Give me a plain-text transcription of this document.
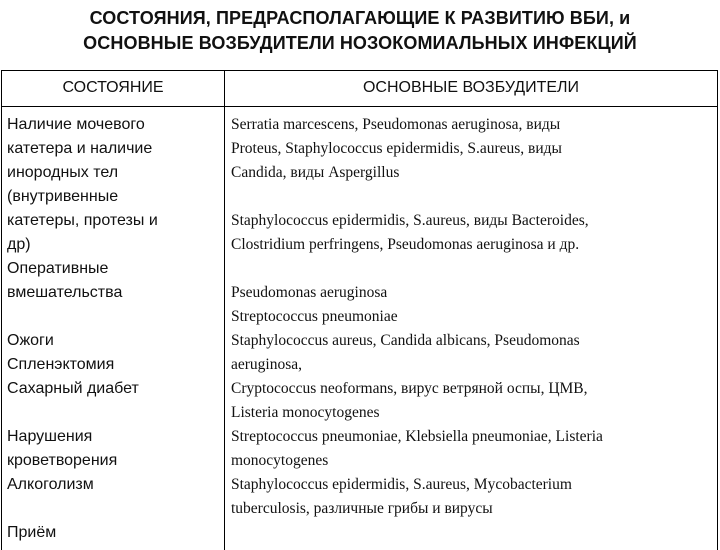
СОСТОЯНИЯ, ПРЕДРАСПОЛАГАЮЩИЕ К РАЗВИТИЮ ВБИ, и
ОСНОВНЫЕ ВОЗБУДИТЕЛИ НОЗОКОМИАЛЬНЫХ ИНФЕКЦИЙ
СОСТОЯНИЕ	ОСНОВНЫЕ ВОЗБУДИТЕЛИ
Наличие мочевого
катетера и наличие
инородных тел
(внутривенные
катетеры, протезы и
др)
Оперативные
вмешательства
Ожоги
Спленэктомия
Сахарный диабет
Нарушения
кроветворения
Алкоголизм
Приём
Serratia marcescens, Pseudomonas aeruginosa, виды
Proteus, Staphylococcus epidermidis, S.aureus, виды
Candida, виды Aspergillus
Staphylococcus epidermidis, S.aureus, виды Bacteroides,
Clostridium perfringens, Pseudomonas aeruginosa и др.
Pseudomonas aeruginosa
Streptococcus pneumoniae
Staphylococcus aureus, Candida albicans, Pseudomonas
aeruginosa,
Cryptococcus neoformans, вирус ветряной оспы, ЦМВ,
Listeria monocytogenes
Streptococcus pneumoniae, Klebsiella pneumoniae, Listeria
monocytogenes
Staphylococcus epidermidis, S.aureus, Mycobacterium
tuberculosis, различные грибы и вирусы
